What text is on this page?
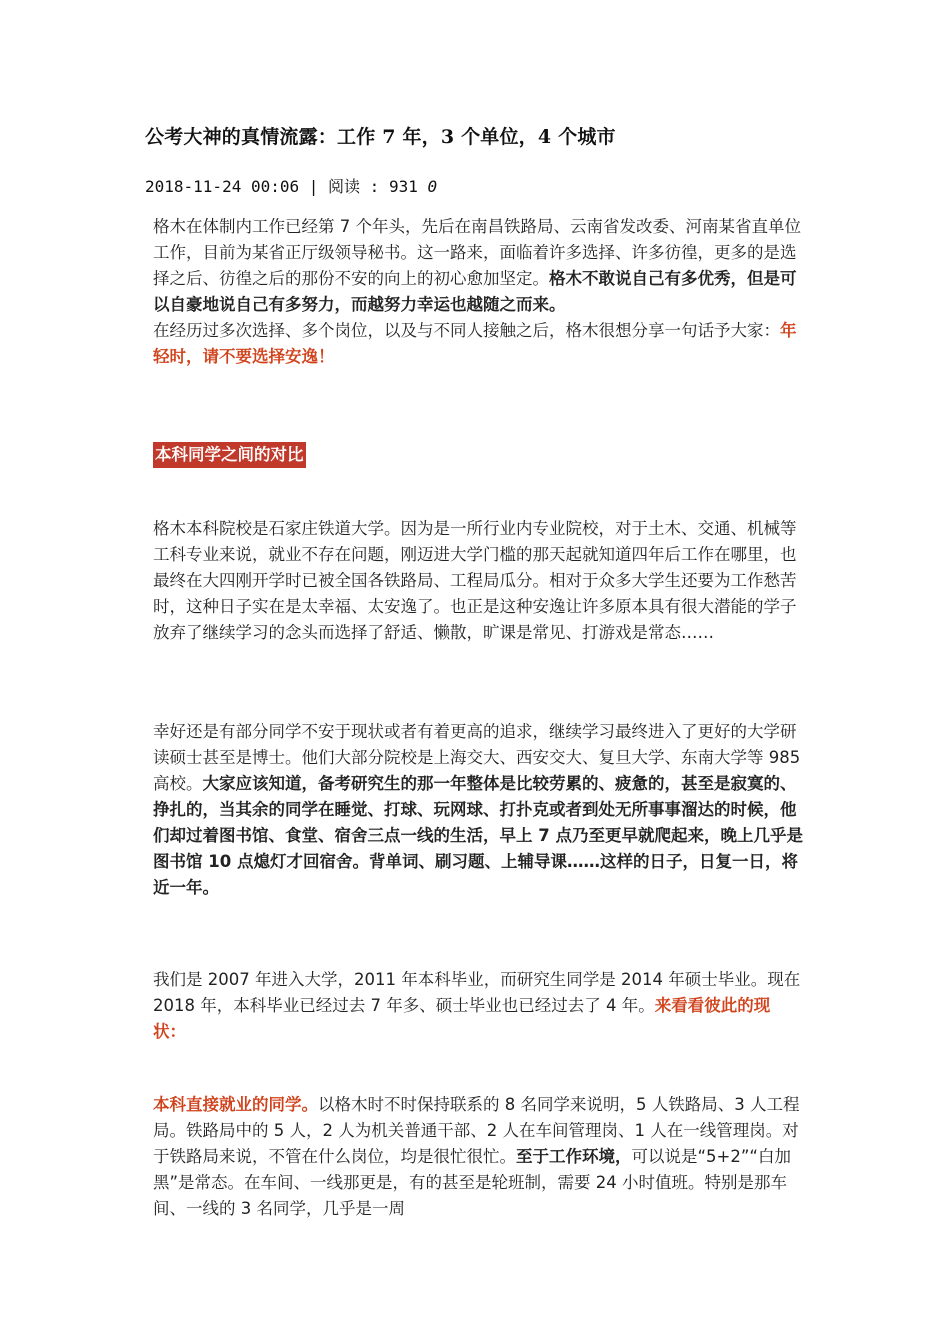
公考大神的真情流露：工作 7 年，3 个单位，4 个城市
2018-11-24 00:06 | 阅读 : 931 0

格木在体制内工作已经第 7 个年头，先后在南昌铁路局、云南省发改委、河南某省直单位工作，目前为某省正厅级领导秘书。这一路来，面临着许多选择、许多彷徨，更多的是选择之后、彷徨之后的那份不安的向上的初心愈加坚定。格木不敢说自己有多优秀，但是可以自豪地说自己有多努力，而越努力幸运也越随之而来。

在经历过多次选择、多个岗位，以及与不同人接触之后，格木很想分享一句话予大家：年轻时，请不要选择安逸！

本科同学之间的对比

格木本科院校是石家庄铁道大学。因为是一所行业内专业院校，对于土木、交通、机械等工科专业来说，就业不存在问题，刚迈进大学门槛的那天起就知道四年后工作在哪里，也最终在大四刚开学时已被全国各铁路局、工程局瓜分。相对于众多大学生还要为工作愁苦时，这种日子实在是太幸福、太安逸了。也正是这种安逸让许多原本具有很大潜能的学子放弃了继续学习的念头而选择了舒适、懒散，旷课是常见、打游戏是常态……

幸好还是有部分同学不安于现状或者有着更高的追求，继续学习最终进入了更好的大学研读硕士甚至是博士。他们大部分院校是上海交大、西安交大、复旦大学、东南大学等 985 高校。大家应该知道，备考研究生的那一年整体是比较劳累的、疲惫的，甚至是寂寞的、挣扎的，当其余的同学在睡觉、打球、玩网球、打扑克或者到处无所事事溜达的时候，他们却过着图书馆、食堂、宿舍三点一线的生活，早上 7 点乃至更早就爬起来，晚上几乎是图书馆 10 点熄灯才回宿舍。背单词、刷习题、上辅导课……这样的日子，日复一日，将近一年。

我们是 2007 年进入大学，2011 年本科毕业，而研究生同学是 2014 年硕士毕业。现在 2018 年，本科毕业已经过去 7 年多、硕士毕业也已经过去了 4 年。来看看彼此的现状：

本科直接就业的同学。以格木时不时保持联系的 8 名同学来说明，5 人铁路局、3 人工程局。铁路局中的 5 人，2 人为机关普通干部、2 人在车间管理岗、1 人在一线管理岗。对于铁路局来说，不管在什么岗位，均是很忙很忙。至于工作环境，可以说是“5+2”“白加黑”是常态。在车间、一线那更是，有的甚至是轮班制，需要 24 小时值班。特别是那车间、一线的 3 名同学，几乎是一周
